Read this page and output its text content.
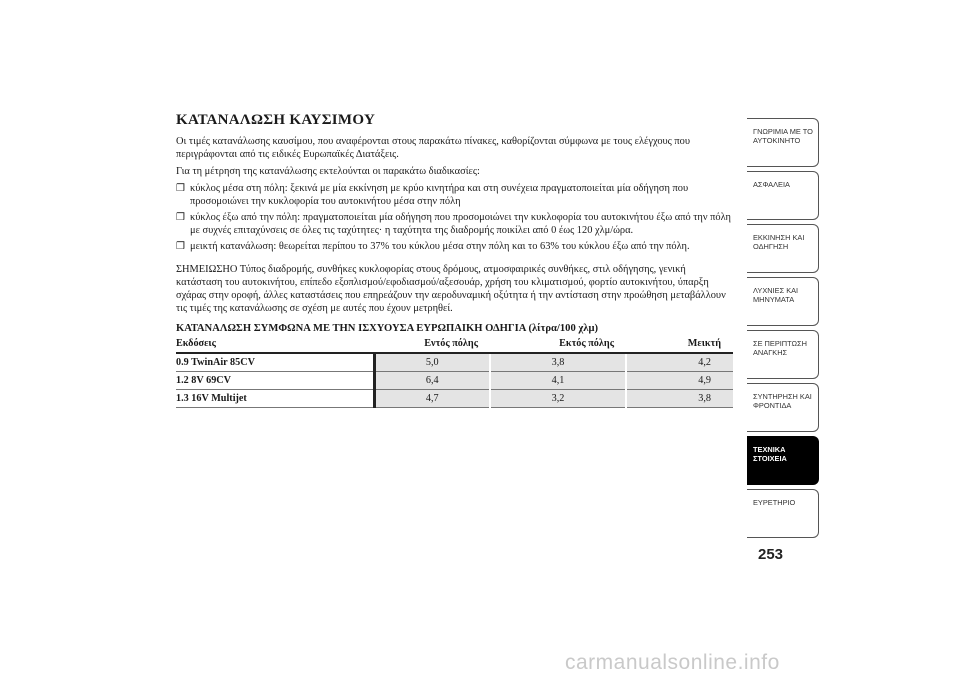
ΚΑΤΑΝΑΛΩΣΗ ΚΑΥΣΙΜΟΥ
Οι τιμές κατανάλωσης καυσίμου, που αναφέρονται στους παρακάτω πίνακες, καθορίζονται σύμφωνα με τους ελέγχους που περιγράφονται από τις ειδικές Ευρωπαϊκές Διατάξεις.
Για τη μέτρηση της κατανάλωσης εκτελούνται οι παρακάτω διαδικασίες:
❒ κύκλος μέσα στη πόλη: ξεκινά με μία εκκίνηση με κρύο κινητήρα και στη συνέχεια πραγματοποιείται μία οδήγηση που προσομοιώνει την κυκλοφορία του αυτοκινήτου μέσα στην πόλη
❒ κύκλος έξω από την πόλη: πραγματοποιείται μία οδήγηση που προσομοιώνει την κυκλοφορία του αυτοκινήτου έξω από την πόλη με συχνές επιταχύνσεις σε όλες τις ταχύτητες· η ταχύτητα της διαδρομής ποικίλει από 0 έως 120 χλμ/ώρα.
❒ μεικτή κατανάλωση: θεωρείται περίπου το 37% του κύκλου μέσα στην πόλη και το 63% του κύκλου έξω από την πόλη.
ΣΗΜΕΙΩΣΗΟ Τύπος διαδρομής, συνθήκες κυκλοφορίας στους δρόμους, ατμοσφαιρικές συνθήκες, στιλ οδήγησης, γενική κατάσταση του αυτοκινήτου, επίπεδο εξοπλισμού/εφοδιασμού/αξεσουάρ, χρήση του κλιματισμού, φορτίο αυτοκινήτου, ύπαρξη σχάρας στην οροφή, άλλες καταστάσεις που επηρεάζουν την αεροδυναμική οξύτητα ή την αντίσταση στην προώθηση μεταβάλλουν τις τιμές της κατανάλωσης σε σχέση με αυτές που έχουν μετρηθεί.
ΚΑΤΑΝΑΛΩΣΗ ΣΥΜΦΩΝΑ ΜΕ ΤΗΝ ΙΣΧΥΟΥΣΑ ΕΥΡΩΠΑΙΚΗ ΟΔΗΓΙΑ (λίτρα/100 χλμ)
Εκδόσεις	Εντός πόλης	Εκτός πόλης	Μεικτή
0.9 TwinAir 85CV	5,0	3,8	4,2
1.2 8V 69CV	6,4	4,1	4,9
1.3 16V Multijet	4,7	3,2	3,8
ΓΝΩΡΙΜΙΑ ΜΕ ΤΟ ΑΥΤΟΚΙΝΗΤΟ
ΑΣΦΑΛΕΙΑ
ΕΚΚΙΝΗΣΗ ΚΑΙ ΟΔΗΓΗΣΗ
ΛΥΧΝΙΕΣ ΚΑΙ ΜΗΝΥΜΑΤΑ
ΣΕ ΠΕΡΙΠΤΩΣΗ ΑΝΑΓΚΗΣ
ΣΥΝΤΗΡΗΣΗ ΚΑΙ ΦΡΟΝΤΙΔΑ
ΤΕΧΝΙΚΑ ΣΤΟΙΧΕΙΑ
ΕΥΡΕΤΗΡΙΟ
253
carmanualsonline.info
